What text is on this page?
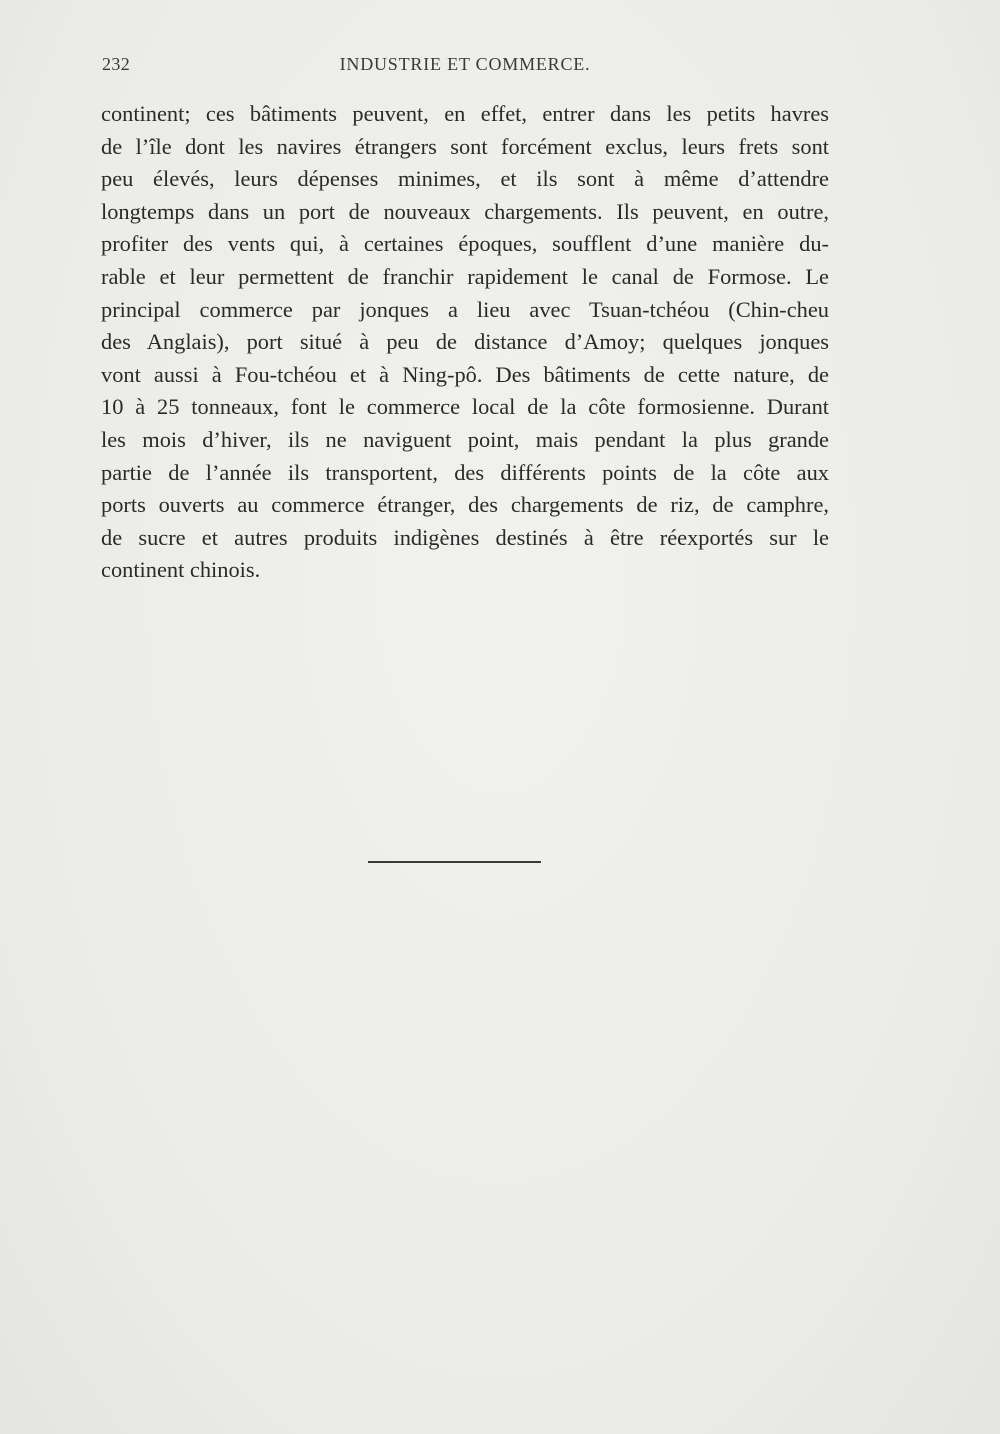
232	INDUSTRIE ET COMMERCE.
continent; ces bâtiments peuvent, en effet, entrer dans les petits havres
de l’île dont les navires étrangers sont forcément exclus, leurs frets sont
peu élevés, leurs dépenses minimes, et ils sont à même d’attendre
longtemps dans un port de nouveaux chargements. Ils peuvent, en outre,
profiter des vents qui, à certaines époques, soufflent d’une manière du-
rable et leur permettent de franchir rapidement le canal de Formose. Le
principal commerce par jonques a lieu avec Tsuan-tchéou (Chin-cheu
des Anglais), port situé à peu de distance d’Amoy; quelques jonques
vont aussi à Fou-tchéou et à Ning-pô. Des bâtiments de cette nature, de
10 à 25 tonneaux, font le commerce local de la côte formosienne. Durant
les mois d’hiver, ils ne naviguent point, mais pendant la plus grande
partie de l’année ils transportent, des différents points de la côte aux
ports ouverts au commerce étranger, des chargements de riz, de camphre,
de sucre et autres produits indigènes destinés à être réexportés sur le
continent chinois.
